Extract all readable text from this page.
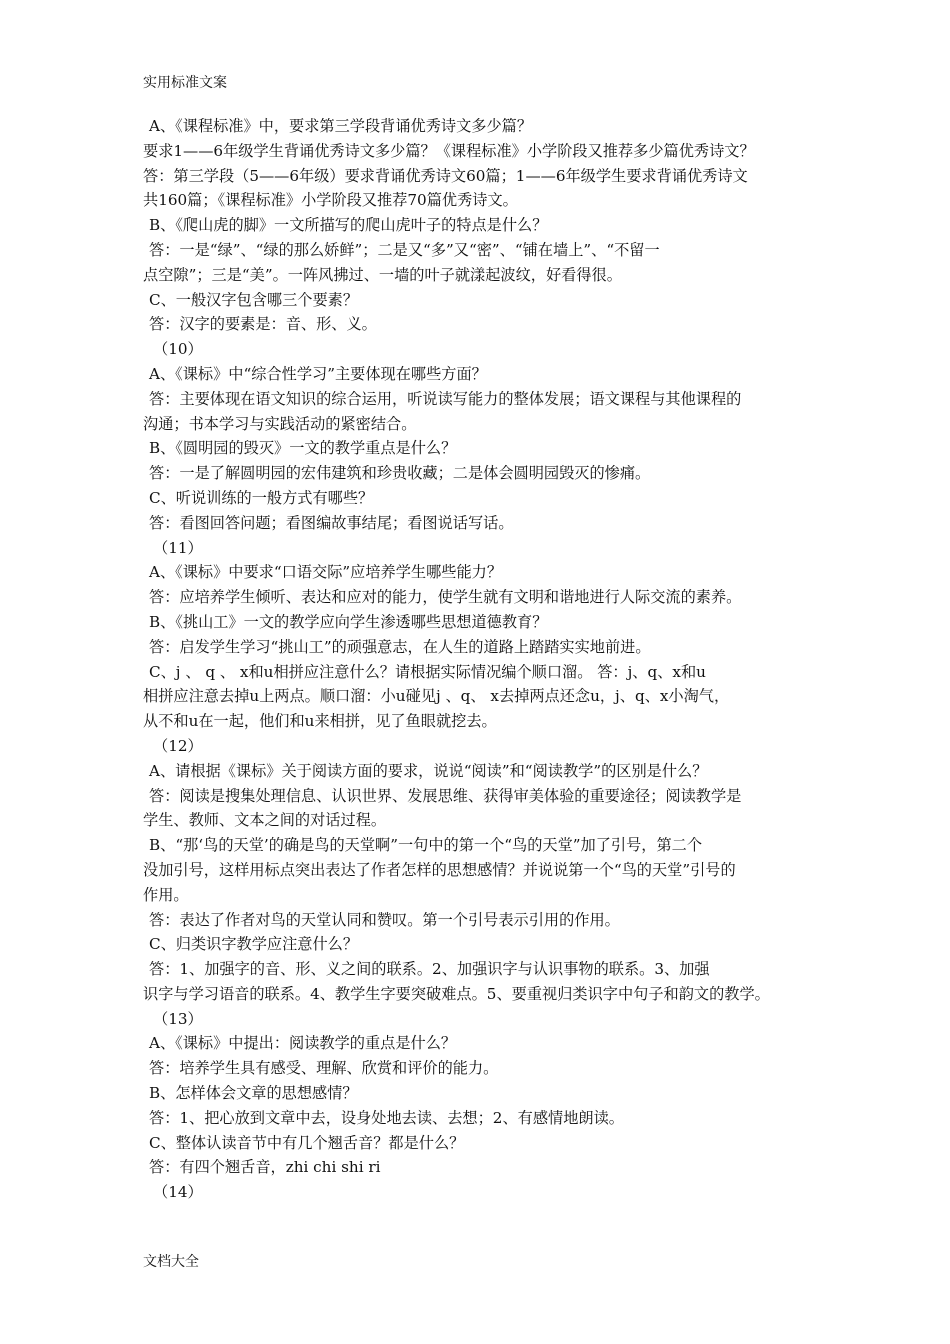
实用标准文案
A、《课程标准》中，要求第三学段背诵优秀诗文多少篇？
要求1——6年级学生背诵优秀诗文多少篇？《课程标准》小学阶段又推荐多少篇优秀诗文？
答：第三学段（5——6年级）要求背诵优秀诗文60篇；1——6年级学生要求背诵优秀诗文
共160篇；《课程标准》小学阶段又推荐70篇优秀诗文。
B、《爬山虎的脚》一文所描写的爬山虎叶子的特点是什么？
答：一是“绿”、“绿的那么娇鲜”；二是又“多”又“密”、“铺在墙上”、“不留一
点空隙”；三是“美”。一阵风拂过、一墙的叶子就漾起波纹，好看得很。
C、一般汉字包含哪三个要素？
答：汉字的要素是：音、形、义。
（10）
A、《课标》中“综合性学习”主要体现在哪些方面？
答：主要体现在语文知识的综合运用，听说读写能力的整体发展；语文课程与其他课程的
沟通；书本学习与实践活动的紧密结合。
B、《圆明园的毁灭》一文的教学重点是什么？
答：一是了解圆明园的宏伟建筑和珍贵收藏；二是体会圆明园毁灭的惨痛。
C、听说训练的一般方式有哪些？
答：看图回答问题；看图编故事结尾；看图说话写话。
（11）
A、《课标》中要求“口语交际”应培养学生哪些能力？
答：应培养学生倾听、表达和应对的能力，使学生就有文明和谐地进行人际交流的素养。
B、《挑山工》一文的教学应向学生渗透哪些思想道德教育？
答：启发学生学习“挑山工”的顽强意志，在人生的道路上踏踏实实地前进。
C、j 、 q 、 x和u相拼应注意什么？请根据实际情况编个顺口溜。 答：j、q、x和u
相拼应注意去掉u上两点。顺口溜：小u碰见j 、q、 x去掉两点还念u，j、q、x小淘气，
从不和u在一起，他们和u来相拼，见了鱼眼就挖去。
（12）
A、请根据《课标》关于阅读方面的要求，说说“阅读”和“阅读教学”的区别是什么？
答：阅读是搜集处理信息、认识世界、发展思维、获得审美体验的重要途径；阅读教学是
学生、教师、文本之间的对话过程。
B、“那‘鸟的天堂’的确是鸟的天堂啊”一句中的第一个“鸟的天堂”加了引号，第二个
没加引号，这样用标点突出表达了作者怎样的思想感情？并说说第一个“鸟的天堂”引号的
作用。
答：表达了作者对鸟的天堂认同和赞叹。第一个引号表示引用的作用。
C、归类识字教学应注意什么？
答：1、加强字的音、形、义之间的联系。2、加强识字与认识事物的联系。3、加强
识字与学习语音的联系。4、教学生字要突破难点。5、要重视归类识字中句子和韵文的教学。
（13）
A、《课标》中提出：阅读教学的重点是什么？
答：培养学生具有感受、理解、欣赏和评价的能力。
B、怎样体会文章的思想感情？
答：1、把心放到文章中去，设身处地去读、去想；2、有感情地朗读。
C、整体认读音节中有几个翘舌音？都是什么？
答：有四个翘舌音，zhi chi shi ri
（14）
文档大全
